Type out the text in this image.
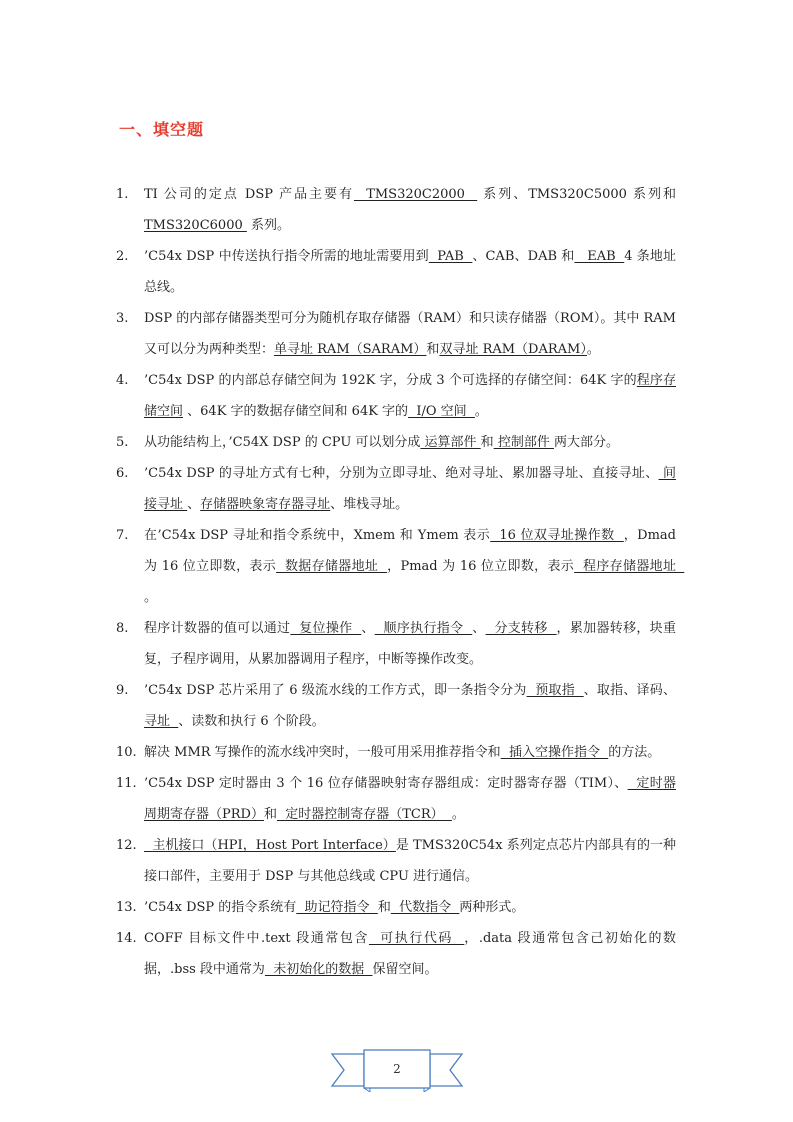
一、填空题
1.	TI 公司的定点 DSP 产品主要有  TMS320C2000   系列、TMS320C5000 系列和 TMS320C6000  系列。
2.	’C54x DSP 中传送执行指令所需的地址需要用到  PAB  、CAB、DAB 和   EAB  4 条地址总线。
3.	DSP 的内部存储器类型可分为随机存取存储器（RAM）和只读存储器（ROM）。其中 RAM 又可以分为两种类型：单寻址 RAM（SARAM）和双寻址 RAM（DARAM）。
4.	’C54x DSP 的内部总存储空间为 192K 字，分成 3 个可选择的存储空间：64K 字的程序存储空间 、64K 字的数据存储空间和 64K 字的  I/O 空间  。
5.	从功能结构上，’C54X DSP 的 CPU 可以划分成 运算部件 和 控制部件 两大部分。
6.	’C54x DSP 的寻址方式有七种，分别为立即寻址、绝对寻址、累加器寻址、直接寻址、 间接寻址 、存储器映象寄存器寻址、堆栈寻址。
7.	在’C54x DSP 寻址和指令系统中，Xmem 和 Ymem 表示  16 位双寻址操作数  ，Dmad 为 16 位立即数，表示  数据存储器地址  ，Pmad 为 16 位立即数，表示  程序存储器地址  。
8.	程序计数器的值可以通过  复位操作  、  顺序执行指令  、  分支转移  ，累加器转移，块重复，子程序调用，从累加器调用子程序，中断等操作改变。
9.	’C54x DSP 芯片采用了 6 级流水线的工作方式，即一条指令分为  预取指  、取指、译码、寻址  、读数和执行 6 个阶段。
10. 解决 MMR 写操作的流水线冲突时，一般可用采用推荐指令和  插入空操作指令  的方法。
11. ’C54x DSP 定时器由 3 个 16 位存储器映射寄存器组成：定时器寄存器（TIM）、  定时器周期寄存器（PRD）和  定时器控制寄存器（TCR）  。
12. 主机接口（HPI，Host Port Interface）是 TMS320C54x 系列定点芯片内部具有的一种接口部件，主要用于 DSP 与其他总线或 CPU 进行通信。
13. ’C54x DSP 的指令系统有  助记符指令  和  代数指令  两种形式。
14. COFF 目标文件中.text 段通常包含  可执行代码  ，.data 段通常包含己初始化的数据，.bss 段中通常为  未初始化的数据  保留空间。
2
